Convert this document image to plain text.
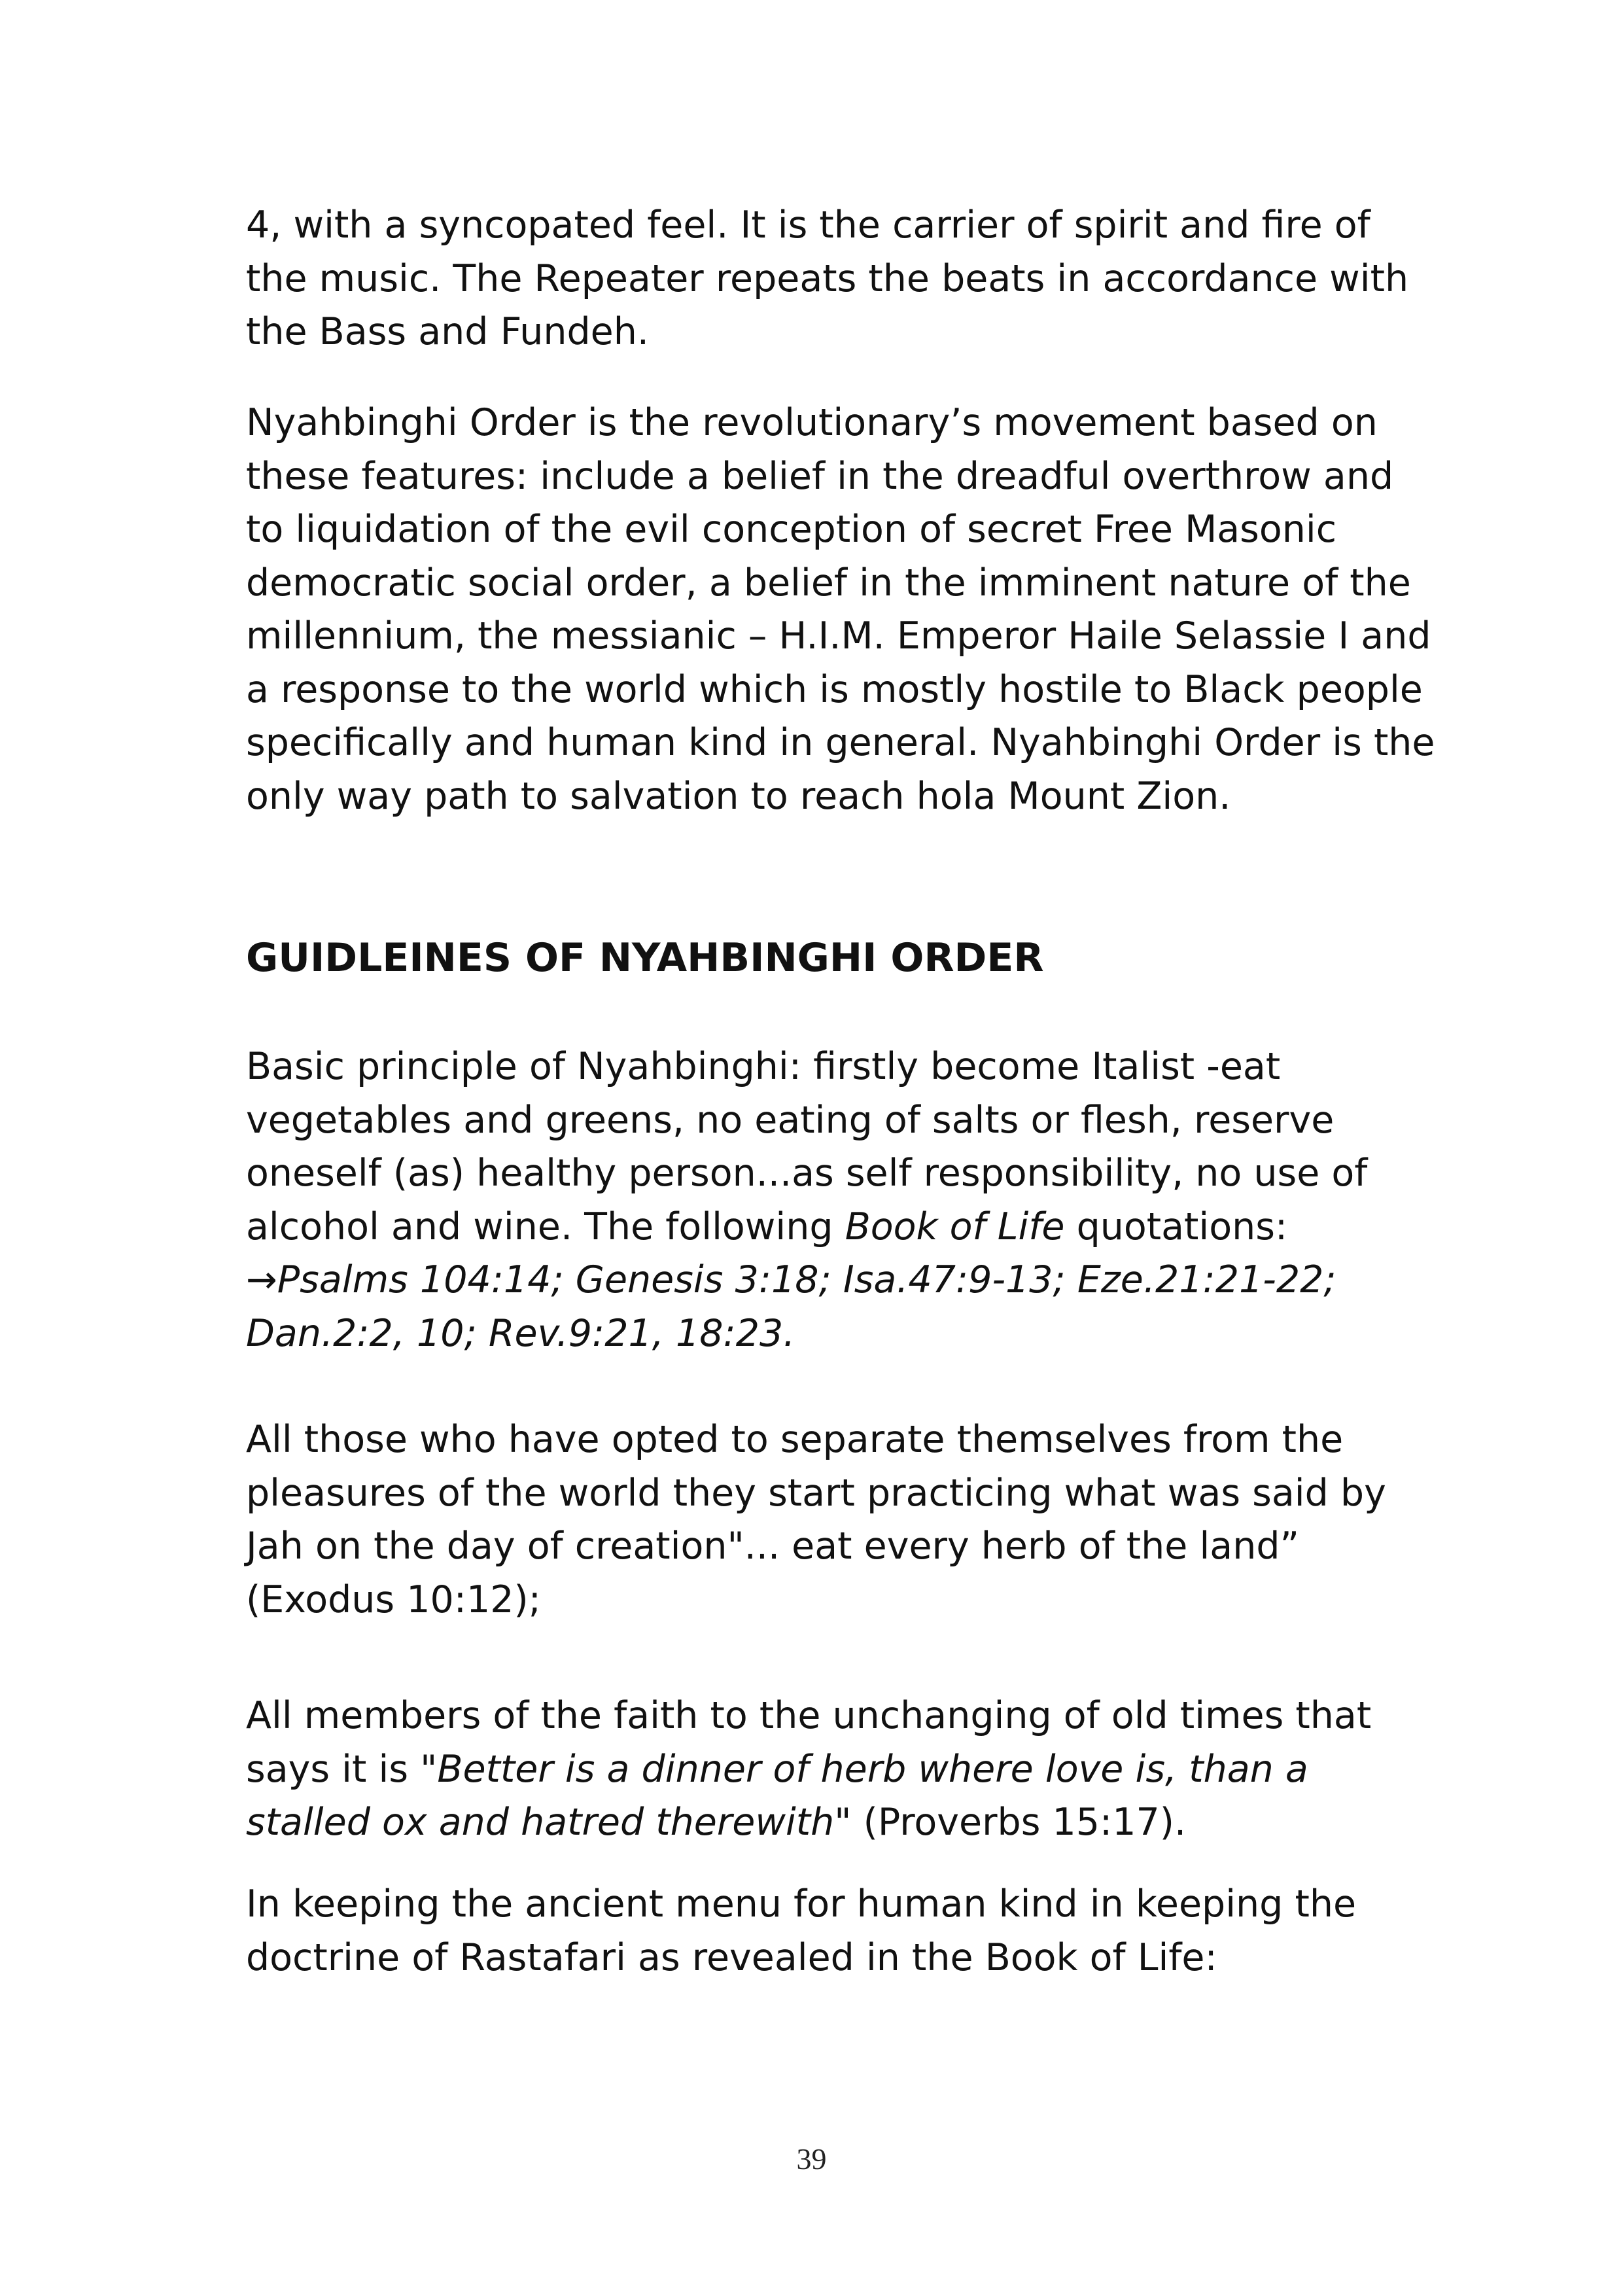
4, with a syncopated feel. It is the carrier of spirit and fire of
the music. The Repeater repeats the beats in accordance with
the Bass and Fundeh.

Nyahbinghi Order is the revolutionary’s movement based on
these features: include a belief in the dreadful overthrow and
to liquidation of the evil conception of secret Free Masonic
democratic social order, a belief in the imminent nature of the
millennium, the messianic – H.I.M. Emperor Haile Selassie I and
a response to the world which is mostly hostile to Black people
specifically and human kind in general. Nyahbinghi Order is the
only way path to salvation to reach hola Mount Zion.

GUIDLEINES OF NYAHBINGHI ORDER

Basic principle of Nyahbinghi: firstly become Italist -eat
vegetables and greens, no eating of salts or flesh, reserve
oneself (as) healthy person...as self responsibility, no use of
alcohol and wine. The following Book of Life quotations:
→Psalms 104:14; Genesis 3:18; Isa.47:9-13; Eze.21:21-22;
Dan.2:2, 10; Rev.9:21, 18:23.

All those who have opted to separate themselves from the
pleasures of the world they start practicing what was said by
Jah on the day of creation"... eat every herb of the land”
(Exodus 10:12);

All members of the faith to the unchanging of old times that
says it is "Better is a dinner of herb where love is, than a
stalled ox and hatred therewith" (Proverbs 15:17).

In keeping the ancient menu for human kind in keeping the
doctrine of Rastafari as revealed in the Book of Life:

39
